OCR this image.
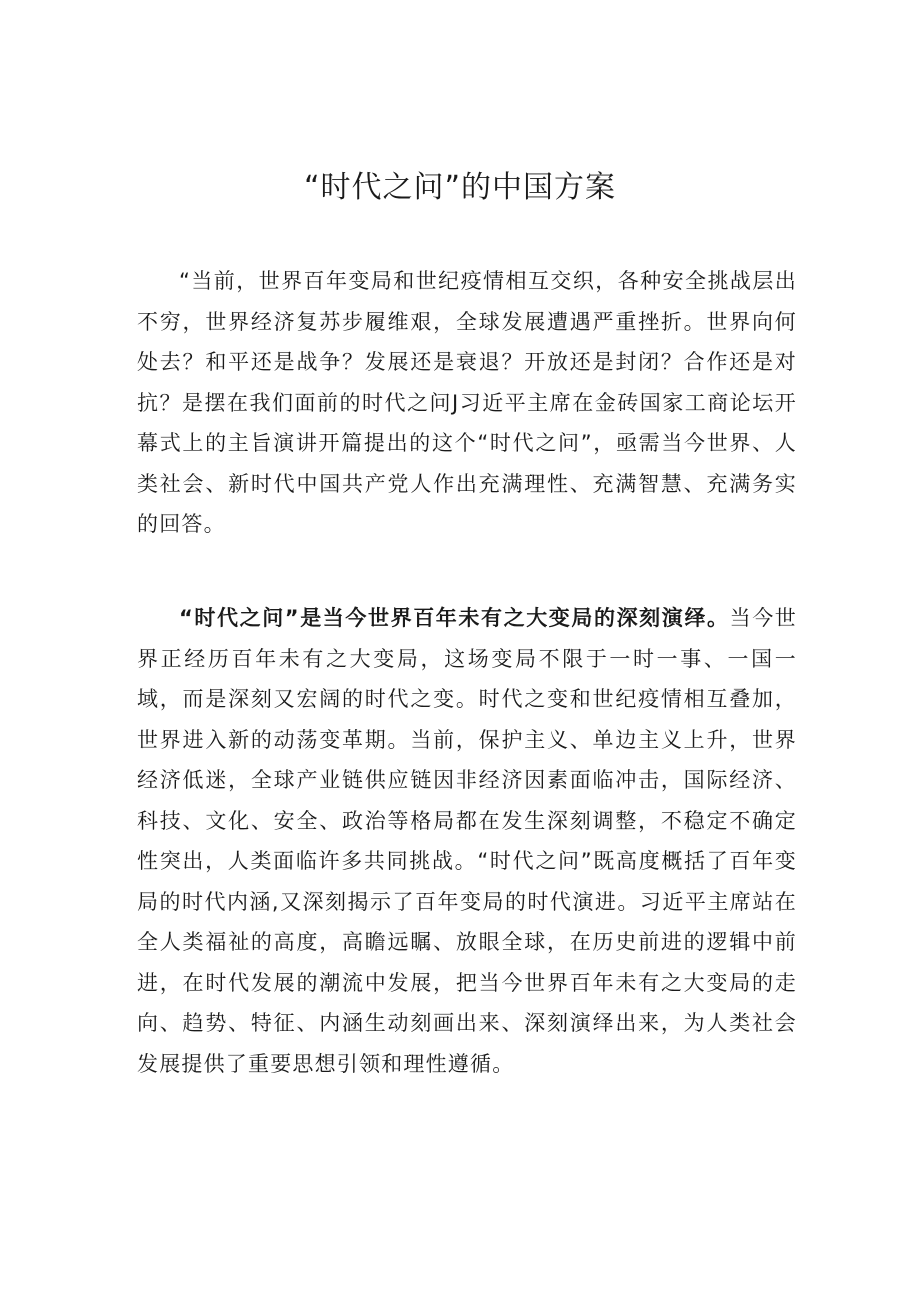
“时代之问”的中国方案

“当前，世界百年变局和世纪疫情相互交织，各种安全挑战层出不穷，世界经济复苏步履维艰，全球发展遭遇严重挫折。世界向何处去？和平还是战争？发展还是衰退？开放还是封闭？合作还是对抗？是摆在我们面前的时代之问J习近平主席在金砖国家工商论坛开幕式上的主旨演讲开篇提出的这个“时代之问”，亟需当今世界、人类社会、新时代中国共产党人作出充满理性、充满智慧、充满务实的回答。

“时代之问”是当今世界百年未有之大变局的深刻演绎。当今世界正经历百年未有之大变局，这场变局不限于一时一事、一国一域，而是深刻又宏阔的时代之变。时代之变和世纪疫情相互叠加，世界进入新的动荡变革期。当前，保护主义、单边主义上升，世界经济低迷，全球产业链供应链因非经济因素面临冲击，国际经济、科技、文化、安全、政治等格局都在发生深刻调整，不稳定不确定性突出，人类面临许多共同挑战。“时代之问”既高度概括了百年变局的时代内涵,又深刻揭示了百年变局的时代演进。习近平主席站在全人类福祉的高度，高瞻远瞩、放眼全球，在历史前进的逻辑中前进，在时代发展的潮流中发展，把当今世界百年未有之大变局的走向、趋势、特征、内涵生动刻画出来、深刻演绎出来，为人类社会发展提供了重要思想引领和理性遵循。
